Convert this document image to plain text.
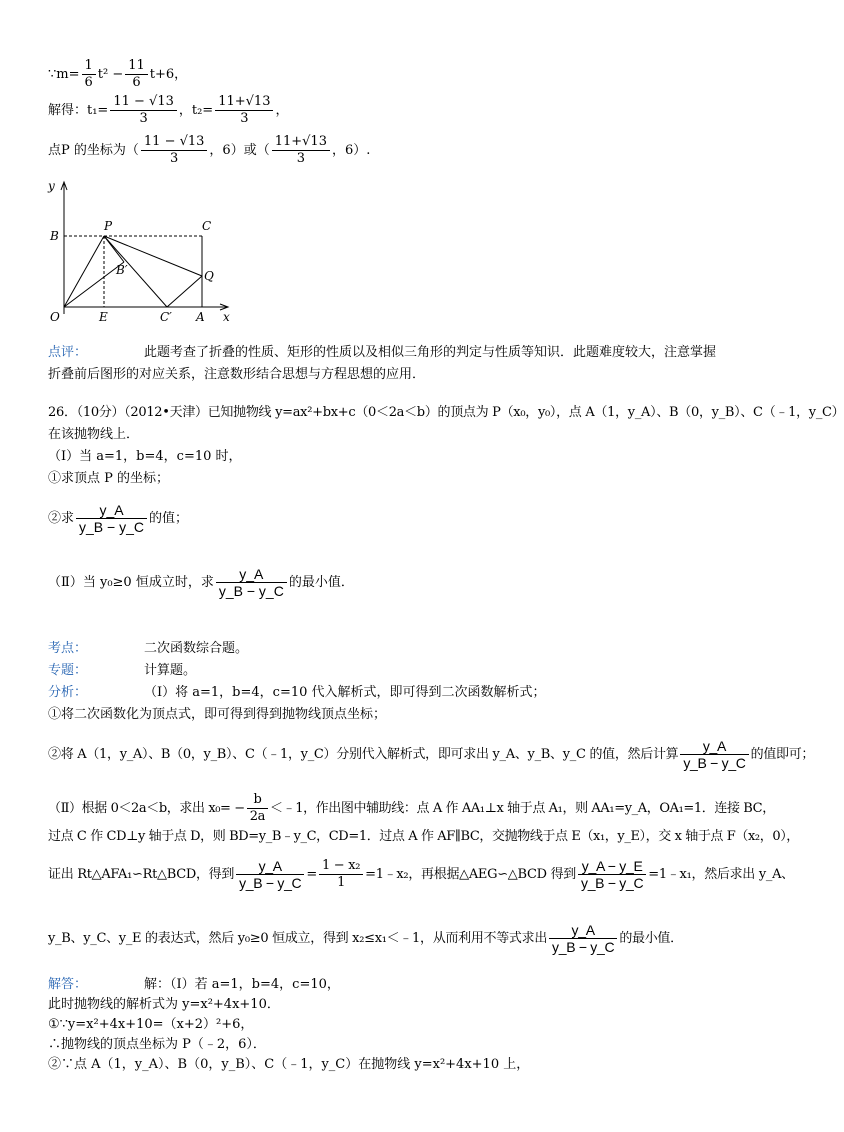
∵m= $\frac{1}{6} t^2 - \frac{11}{6} t+6$，
解得：$t_1= \frac{11 - √13}{3}$ ，$t_2= \frac{11+√13}{3}$ ，
点P 的坐标为（ $\frac{11 - √13}{3}$ ，6）或（ $\frac{11+√13}{3}$ ，6）.
y
x
P	C
B
B′	Q
O	E	C′ A
点评：	此题考查了折叠的性质、矩形的性质以及相似三角形的判定与性质等知识．此题难度较大，注意掌握
折叠前后图形的对应关系，注意数形结合思想与方程思想的应用．
26．（10分）（2012•天津）已知抛物线 y=ax²+bx+c（0＜2a＜b）的顶点为 P（x₀，y₀），点 A（1，y_A）、B（0，y_B）、C（﹣1，y_C）
在该抛物线上．
（Ⅰ）当 a=1，b=4，c=10 时，
①求顶点 P 的坐标；
②求 $\frac{y\_A}{y\_B - y\_C}$ 的值；
（Ⅱ）当 y₀≥0 恒成立时，求 $\frac{y\_A}{y\_B - y\_C}$ 的最小值．
考点：	二次函数综合题。
专题：	计算题。
分析：	（Ⅰ）将 a=1，b=4，c=10 代入解析式，即可得到二次函数解析式；
①将二次函数化为顶点式，即可得到得到抛物线顶点坐标；
②将 A（1，y_A）、B（0，y_B）、C（﹣1，y_C）分别代入解析式，即可求出 y_A、y_B、y_C 的值，然后计算 $\frac{y\_A}{y\_B - y\_C}$ 的值即可；
（Ⅱ）根据 0＜2a＜b，求出 $x_0= - \frac{b}{2a}$ ＜﹣1，作出图中辅助线：点 A 作 AA₁⊥x 轴于点 A₁，则 AA₁=y_A，OA₁=1．连接 BC，
过点 C 作 CD⊥y 轴于点 D，则 BD=y_B﹣y_C，CD=1．过点 A 作 AF∥BC，交抛物线于点 E（x₁，y_E），交 x 轴于点 F（x₂，0），
证出 Rt△AFA₁∽Rt△BCD，得到 $\frac{y\_A}{y\_B - y\_C} = \frac{\text{1 − x₂}}{1}$ =1﹣x₂，再根据△AEG∽△BCD 得到 $\frac{y\_A - y\_E}{y\_B - y\_C}$ =1﹣x₁，然后求出 y_A、
y_B、y_C、y_E 的表达式，然后 y₀≥0 恒成立，得到 x₂≤x₁＜﹣1，从而利用不等式求出 $\frac{y\_A}{y\_B - y\_C}$ 的最小值．
解答：	解：（Ⅰ）若 a=1，b=4，c=10，
此时抛物线的解析式为 y=x²+4x+10．
①∵y=x²+4x+10=（x+2）²+6，
∴抛物线的顶点坐标为 P（﹣2，6）．
②∵点 A（1，y_A）、B（0，y_B）、C（﹣1，y_C）在抛物线 y=x²+4x+10 上，
